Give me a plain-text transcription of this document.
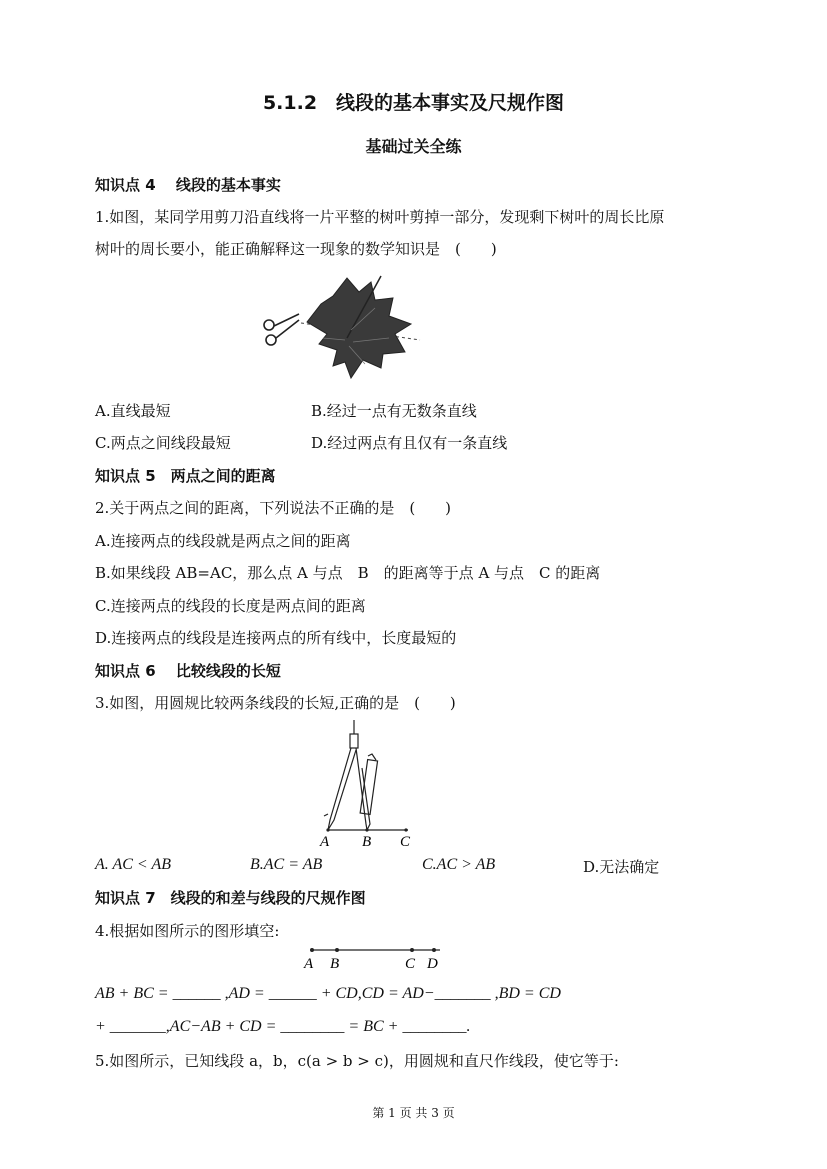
5.1.2　线段的基本事实及尺规作图
基础过关全练
知识点 4　 线段的基本事实
1.如图，某同学用剪刀沿直线将一片平整的树叶剪掉一部分，发现剩下树叶的周长比原
树叶的周长要小，能正确解释这一现象的数学知识是　(　　)
A.直线最短	B.经过一点有无数条直线
C.两点之间线段最短	D.经过两点有且仅有一条直线
知识点 5　两点之间的距离
2.关于两点之间的距离，下列说法不正确的是　(　　)
A.连接两点的线段就是两点之间的距离
B.如果线段 AB=AC，那么点 A 与点　B　的距离等于点 A 与点　C 的距离
C.连接两点的线段的长度是两点间的距离
D.连接两点的线段是连接两点的所有线中，长度最短的
知识点 6　 比较线段的长短
3.如图，用圆规比较两条线段的长短,正确的是　(　　)
A B C
A. AC < AB	B.AC = AB	C.AC > AB	D.无法确定
知识点 7　线段的和差与线段的尺规作图
4.根据如图所示的图形填空:
A B	C D
AB + BC = ______ ,AD = ______ + CD,CD = AD−_______ ,BD = CD
+ _______,AC−AB + CD = ________ = BC + ________.
5.如图所示，已知线段 a，b，c(a > b > c)，用圆规和直尺作线段，使它等于:
第 1 页 共 3 页
